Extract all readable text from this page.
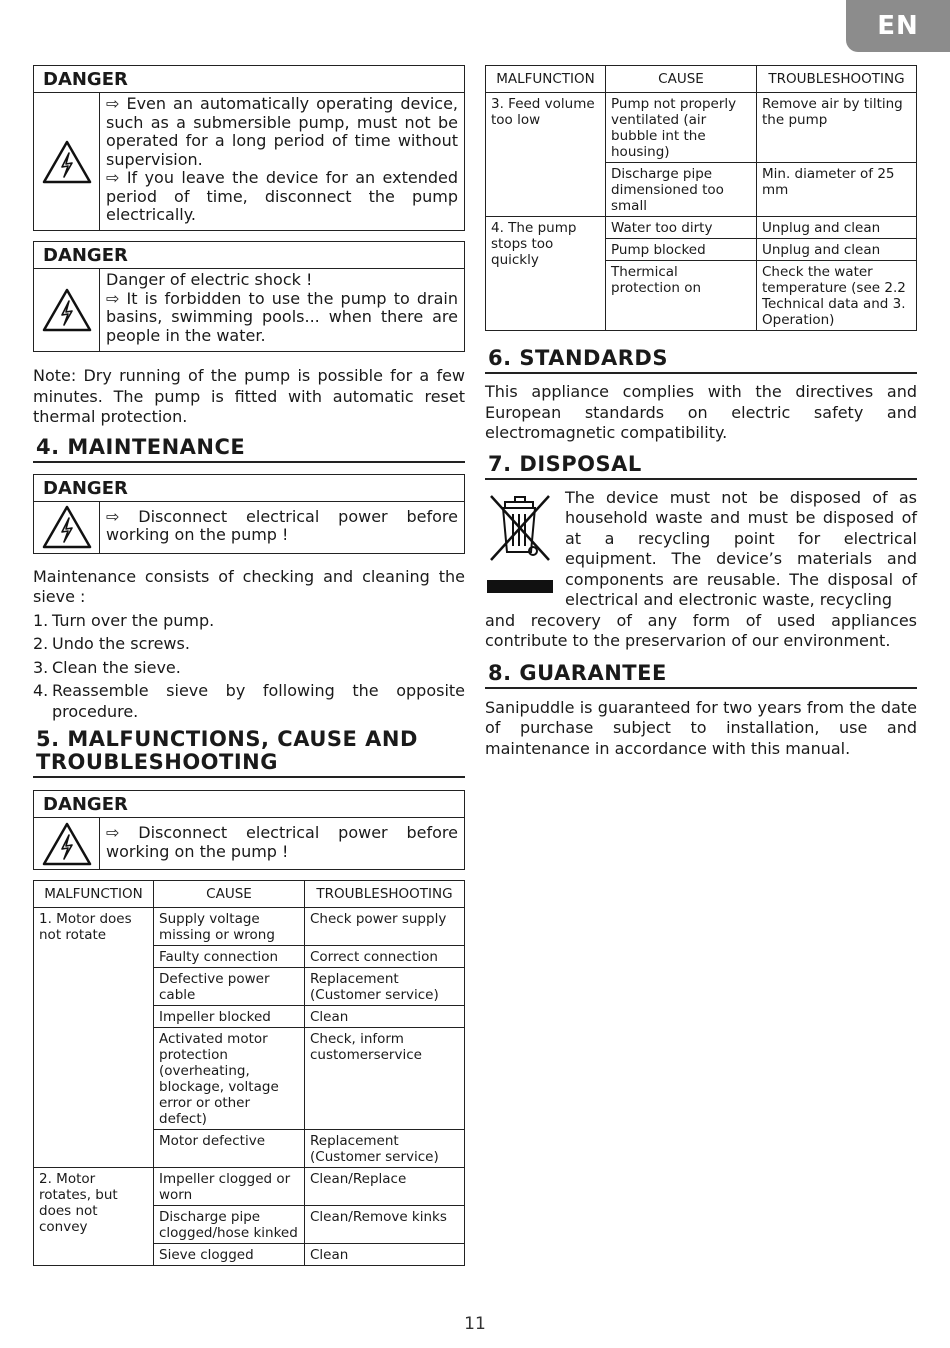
EN
DANGER

⇨ Even an automatically operating device, such as a submersible pump, must not be operated for a long period of time without supervision.

⇨ If you leave the device for an extended period of time, disconnect the pump electrically.

DANGER

Danger of electric shock !

⇨ It is forbidden to use the pump to drain basins, swimming pools... when there are people in the water.

Note: Dry running of the pump is possible for a few minutes. The pump is fitted with automatic reset thermal protection.

4. MAINTENANCE
DANGER

⇨ Disconnect electrical power before working on the pump !

Maintenance consists of checking and cleaning the sieve :

1. Turn over the pump.
2. Undo the screws.
3. Clean the sieve.
4. Reassemble sieve by following the opposite procedure.
5. MALFUNCTIONS, CAUSE AND
TROUBLESHOOTING
DANGER

⇨ Disconnect electrical power before working on the pump !

MALFUNCTION	CAUSE	TROUBLESHOOTING
1. Motor does not rotate	Supply voltage missing or wrong	Check power supply
	Faulty connection	Correct connection
	Defective power cable	Replacement (Customer service)
	Impeller blocked	Clean
	Activated motor protection (overheating, blockage, voltage error or other defect)	Check, inform customerservice
	Motor defective	Replacement (Customer service)
2. Motor rotates, but does not convey	Impeller clogged or worn	Clean/Replace
	Discharge pipe clogged/hose kinked	Clean/Remove kinks
	Sieve clogged	Clean
MALFUNCTION	CAUSE	TROUBLESHOOTING
3. Feed volume too low	Pump not properly ventilated (air bubble int the housing)	Remove air by tilting the pump
	Discharge pipe dimensioned too small	Min. diameter of 25 mm
4. The pump stops too quickly	Water too dirty	Unplug and clean
	Pump blocked	Unplug and clean
	Thermical protection on	Check the water temperature (see 2.2 Technical data and 3. Operation)
6. STANDARDS

This appliance complies with the directives and European standards on electric safety and electromagnetic compatibility.

7. DISPOSAL

The device must not be disposed of as household waste and must be disposed of at a recycling point for electrical equipment. The device’s materials and components are reusable. The disposal of electrical and electronic waste, recycling

and recovery of any form of used appliances contribute to the preservarion of our environment.

8. GUARANTEE

Sanipuddle is guaranteed for two years from the date of purchase subject to installation, use and maintenance in accordance with this manual.

11
